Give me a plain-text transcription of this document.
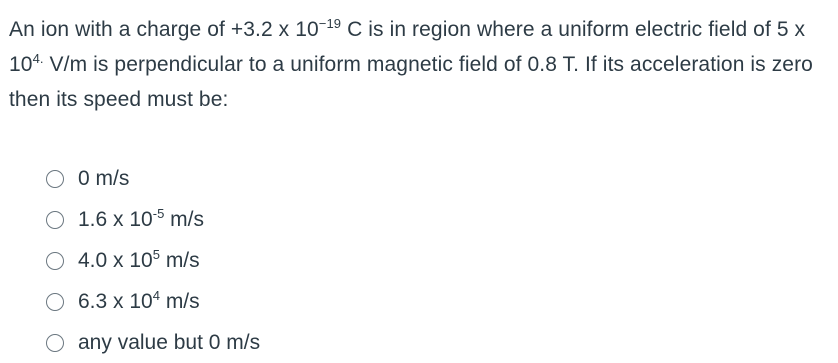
An ion with a charge of +3.2 x $10^{-19}$ C is in region where a uniform electric field of 5 x $10^{4.}$ V/m is perpendicular to a uniform magnetic field of 0.8 T. If its acceleration is zero then its speed must be:
0 m/s
1.6 x $10^{-5}$ m/s
4.0 x $10^5$ m/s
6.3 x $10^4$ m/s
any value but 0 m/s
